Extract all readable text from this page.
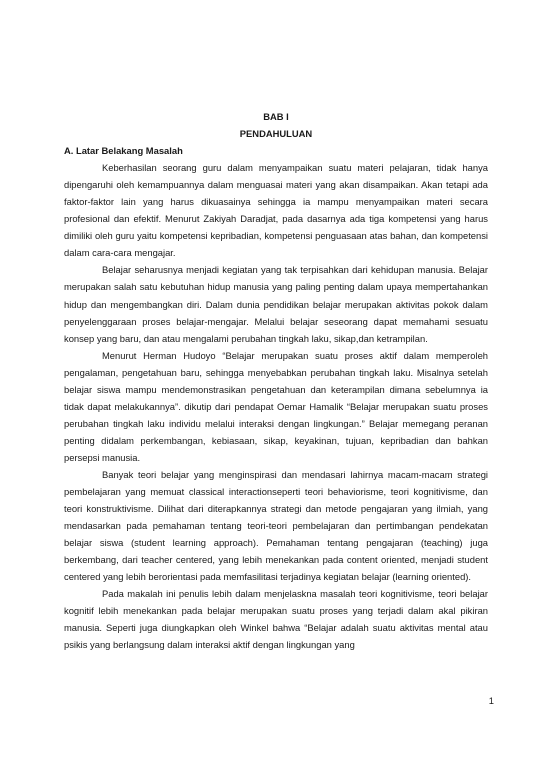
BAB I

PENDAHULUAN

A. Latar Belakang Masalah

Keberhasilan seorang guru dalam menyampaikan suatu materi pelajaran, tidak hanya dipengaruhi oleh kemampuannya dalam menguasai materi yang akan disampaikan. Akan tetapi ada faktor-faktor lain yang harus dikuasainya sehingga ia mampu menyampaikan materi secara profesional dan efektif. Menurut Zakiyah Daradjat, pada dasarnya ada tiga kompetensi yang harus dimiliki oleh guru yaitu kompetensi kepribadian, kompetensi penguasaan atas bahan, dan kompetensi dalam cara-cara mengajar.

Belajar seharusnya menjadi kegiatan yang tak terpisahkan dari kehidupan manusia. Belajar merupakan salah satu kebutuhan hidup manusia yang paling penting dalam upaya mempertahankan hidup dan mengembangkan diri. Dalam dunia pendidikan belajar merupakan aktivitas pokok dalam penyelenggaraan proses belajar-mengajar. Melalui belajar seseorang dapat memahami sesuatu konsep yang baru, dan atau mengalami perubahan tingkah laku, sikap,dan ketrampilan.

Menurut Herman Hudoyo “Belajar merupakan suatu proses aktif dalam memperoleh pengalaman, pengetahuan baru, sehingga menyebabkan perubahan tingkah laku. Misalnya setelah belajar siswa mampu mendemonstrasikan pengetahuan dan keterampilan dimana sebelumnya ia tidak dapat melakukannya”. dikutip dari pendapat Oemar Hamalik “Belajar merupakan suatu proses perubahan tingkah laku individu melalui interaksi dengan lingkungan.” Belajar memegang peranan penting didalam perkembangan, kebiasaan, sikap, keyakinan, tujuan, kepribadian dan bahkan persepsi manusia.

Banyak teori belajar yang menginspirasi dan mendasari lahirnya macam-macam strategi pembelajaran yang memuat classical interactionseperti teori behaviorisme, teori kognitivisme, dan teori konstruktivisme. Dilihat dari diterapkannya strategi dan metode pengajaran yang ilmiah, yang mendasarkan pada pemahaman tentang teori-teori pembelajaran dan pertimbangan pendekatan belajar siswa (student learning approach). Pemahaman tentang pengajaran (teaching) juga berkembang, dari teacher centered, yang lebih menekankan pada content oriented, menjadi student centered yang lebih berorientasi pada memfasilitasi terjadinya kegiatan belajar (learning oriented).

Pada makalah ini penulis lebih dalam menjelaskna masalah teori kognitivisme, teori belajar kognitif lebih menekankan pada belajar merupakan suatu proses yang terjadi dalam akal pikiran manusia. Seperti juga diungkapkan oleh Winkel bahwa “Belajar adalah suatu aktivitas mental atau psikis yang berlangsung dalam interaksi aktif dengan lingkungan yang

1
